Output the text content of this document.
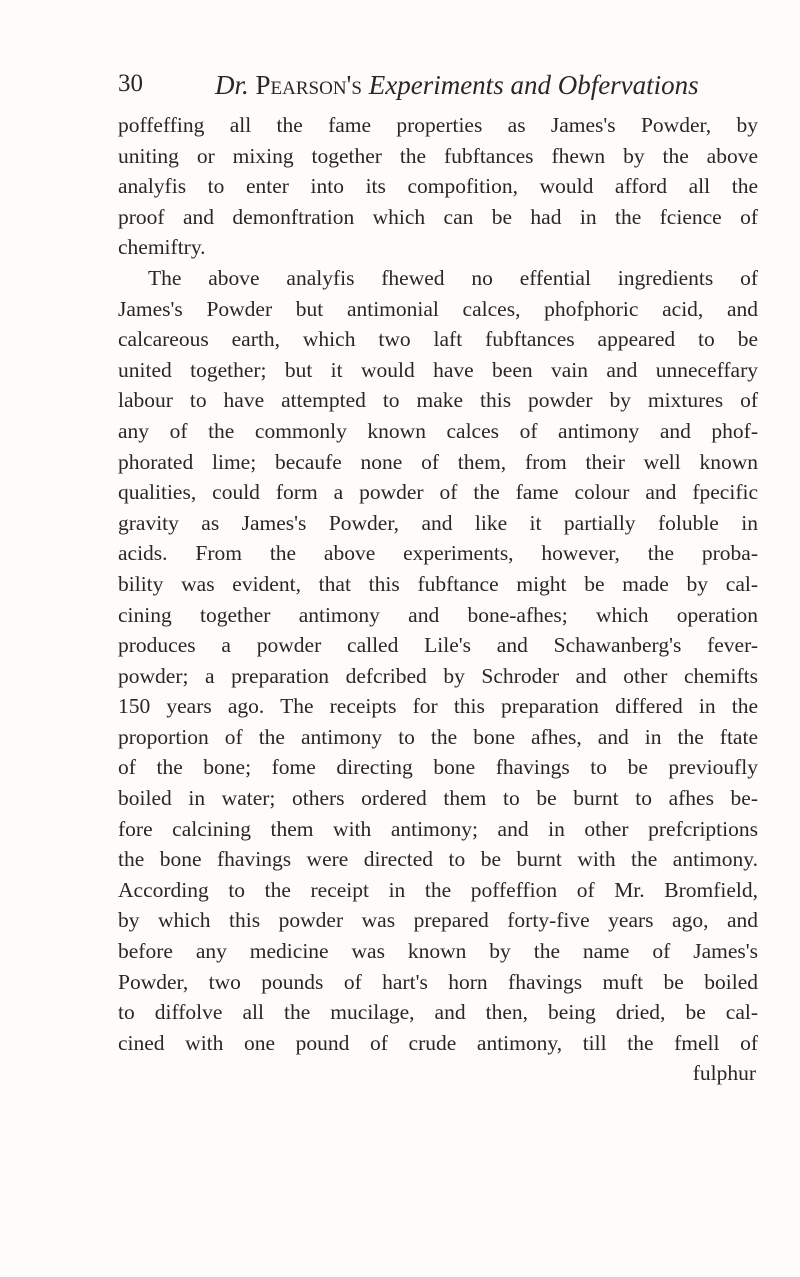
30	Dr. Pearson's Experiments and Obfervations
poffeffing all the fame properties as James's Powder, by
uniting or mixing together the fubftances fhewn by the above
analyfis to enter into its compofition, would afford all the
proof and demonftration which can be had in the fcience of
chemiftry.
The above analyfis fhewed no effential ingredients of
James's Powder but antimonial calces, phofphoric acid, and
calcareous earth, which two laft fubftances appeared to be
united together; but it would have been vain and unneceffary
labour to have attempted to make this powder by mixtures of
any of the commonly known calces of antimony and phof-
phorated lime; becaufe none of them, from their well known
qualities, could form a powder of the fame colour and fpecific
gravity as James's Powder, and like it partially foluble in
acids. From the above experiments, however, the proba-
bility was evident, that this fubftance might be made by cal-
cining together antimony and bone-afhes; which operation
produces a powder called Lile's and Schawanberg's fever-
powder; a preparation defcribed by Schroder and other chemifts
150 years ago. The receipts for this preparation differed in the
proportion of the antimony to the bone afhes, and in the ftate
of the bone; fome directing bone fhavings to be previoufly
boiled in water; others ordered them to be burnt to afhes be-
fore calcining them with antimony; and in other prefcriptions
the bone fhavings were directed to be burnt with the antimony.
According to the receipt in the poffeffion of Mr. Bromfield,
by which this powder was prepared forty-five years ago, and
before any medicine was known by the name of James's
Powder, two pounds of hart's horn fhavings muft be boiled
to diffolve all the mucilage, and then, being dried, be cal-
cined with one pound of crude antimony, till the fmell of
fulphur
